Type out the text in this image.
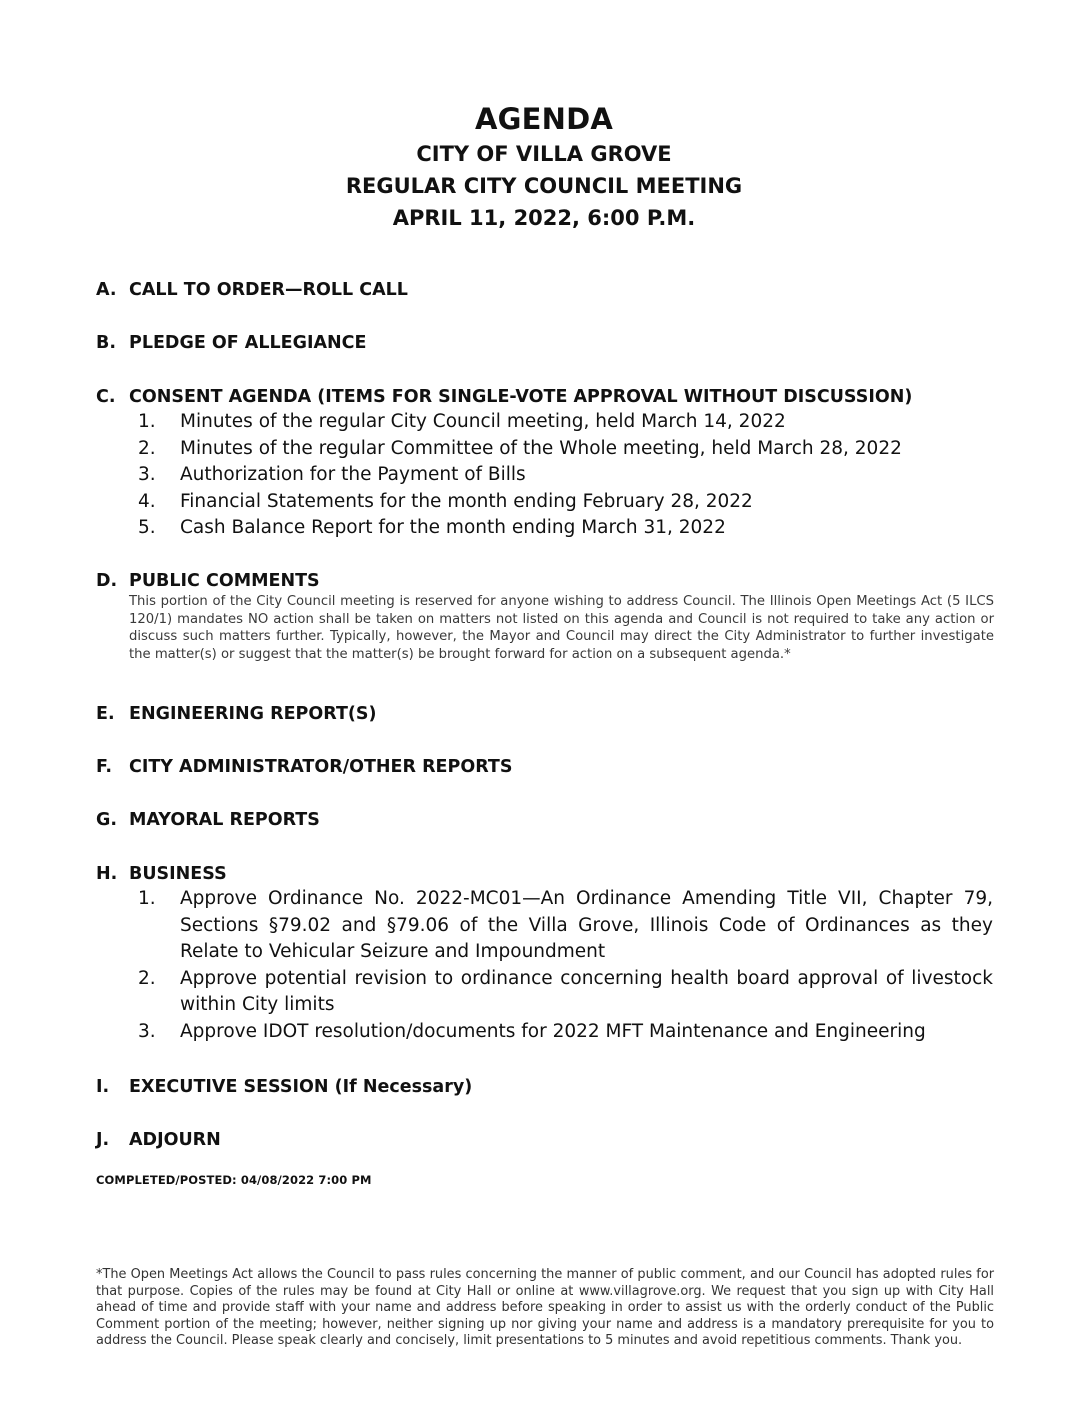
AGENDA
CITY OF VILLA GROVE
REGULAR CITY COUNCIL MEETING
APRIL 11, 2022, 6:00 P.M.
A. CALL TO ORDER—ROLL CALL
B. PLEDGE OF ALLEGIANCE
C. CONSENT AGENDA (ITEMS FOR SINGLE-VOTE APPROVAL WITHOUT DISCUSSION)
1. Minutes of the regular City Council meeting, held March 14, 2022
2. Minutes of the regular Committee of the Whole meeting, held March 28, 2022
3. Authorization for the Payment of Bills
4. Financial Statements for the month ending February 28, 2022
5. Cash Balance Report for the month ending March 31, 2022
D. PUBLIC COMMENTS
This portion of the City Council meeting is reserved for anyone wishing to address Council. The Illinois Open Meetings Act (5 ILCS 120/1) mandates NO action shall be taken on matters not listed on this agenda and Council is not required to take any action or discuss such matters further. Typically, however, the Mayor and Council may direct the City Administrator to further investigate the matter(s) or suggest that the matter(s) be brought forward for action on a subsequent agenda.*
E. ENGINEERING REPORT(S)
F. CITY ADMINISTRATOR/OTHER REPORTS
G. MAYORAL REPORTS
H. BUSINESS
1. Approve Ordinance No. 2022-MC01—An Ordinance Amending Title VII, Chapter 79, Sections §79.02 and §79.06 of the Villa Grove, Illinois Code of Ordinances as they Relate to Vehicular Seizure and Impoundment
2. Approve potential revision to ordinance concerning health board approval of livestock within City limits
3. Approve IDOT resolution/documents for 2022 MFT Maintenance and Engineering
I. EXECUTIVE SESSION (If Necessary)
J. ADJOURN
COMPLETED/POSTED: 04/08/2022 7:00 PM
*The Open Meetings Act allows the Council to pass rules concerning the manner of public comment, and our Council has adopted rules for that purpose. Copies of the rules may be found at City Hall or online at www.villagrove.org. We request that you sign up with City Hall ahead of time and provide staff with your name and address before speaking in order to assist us with the orderly conduct of the Public Comment portion of the meeting; however, neither signing up nor giving your name and address is a mandatory prerequisite for you to address the Council. Please speak clearly and concisely, limit presentations to 5 minutes and avoid repetitious comments. Thank you.
